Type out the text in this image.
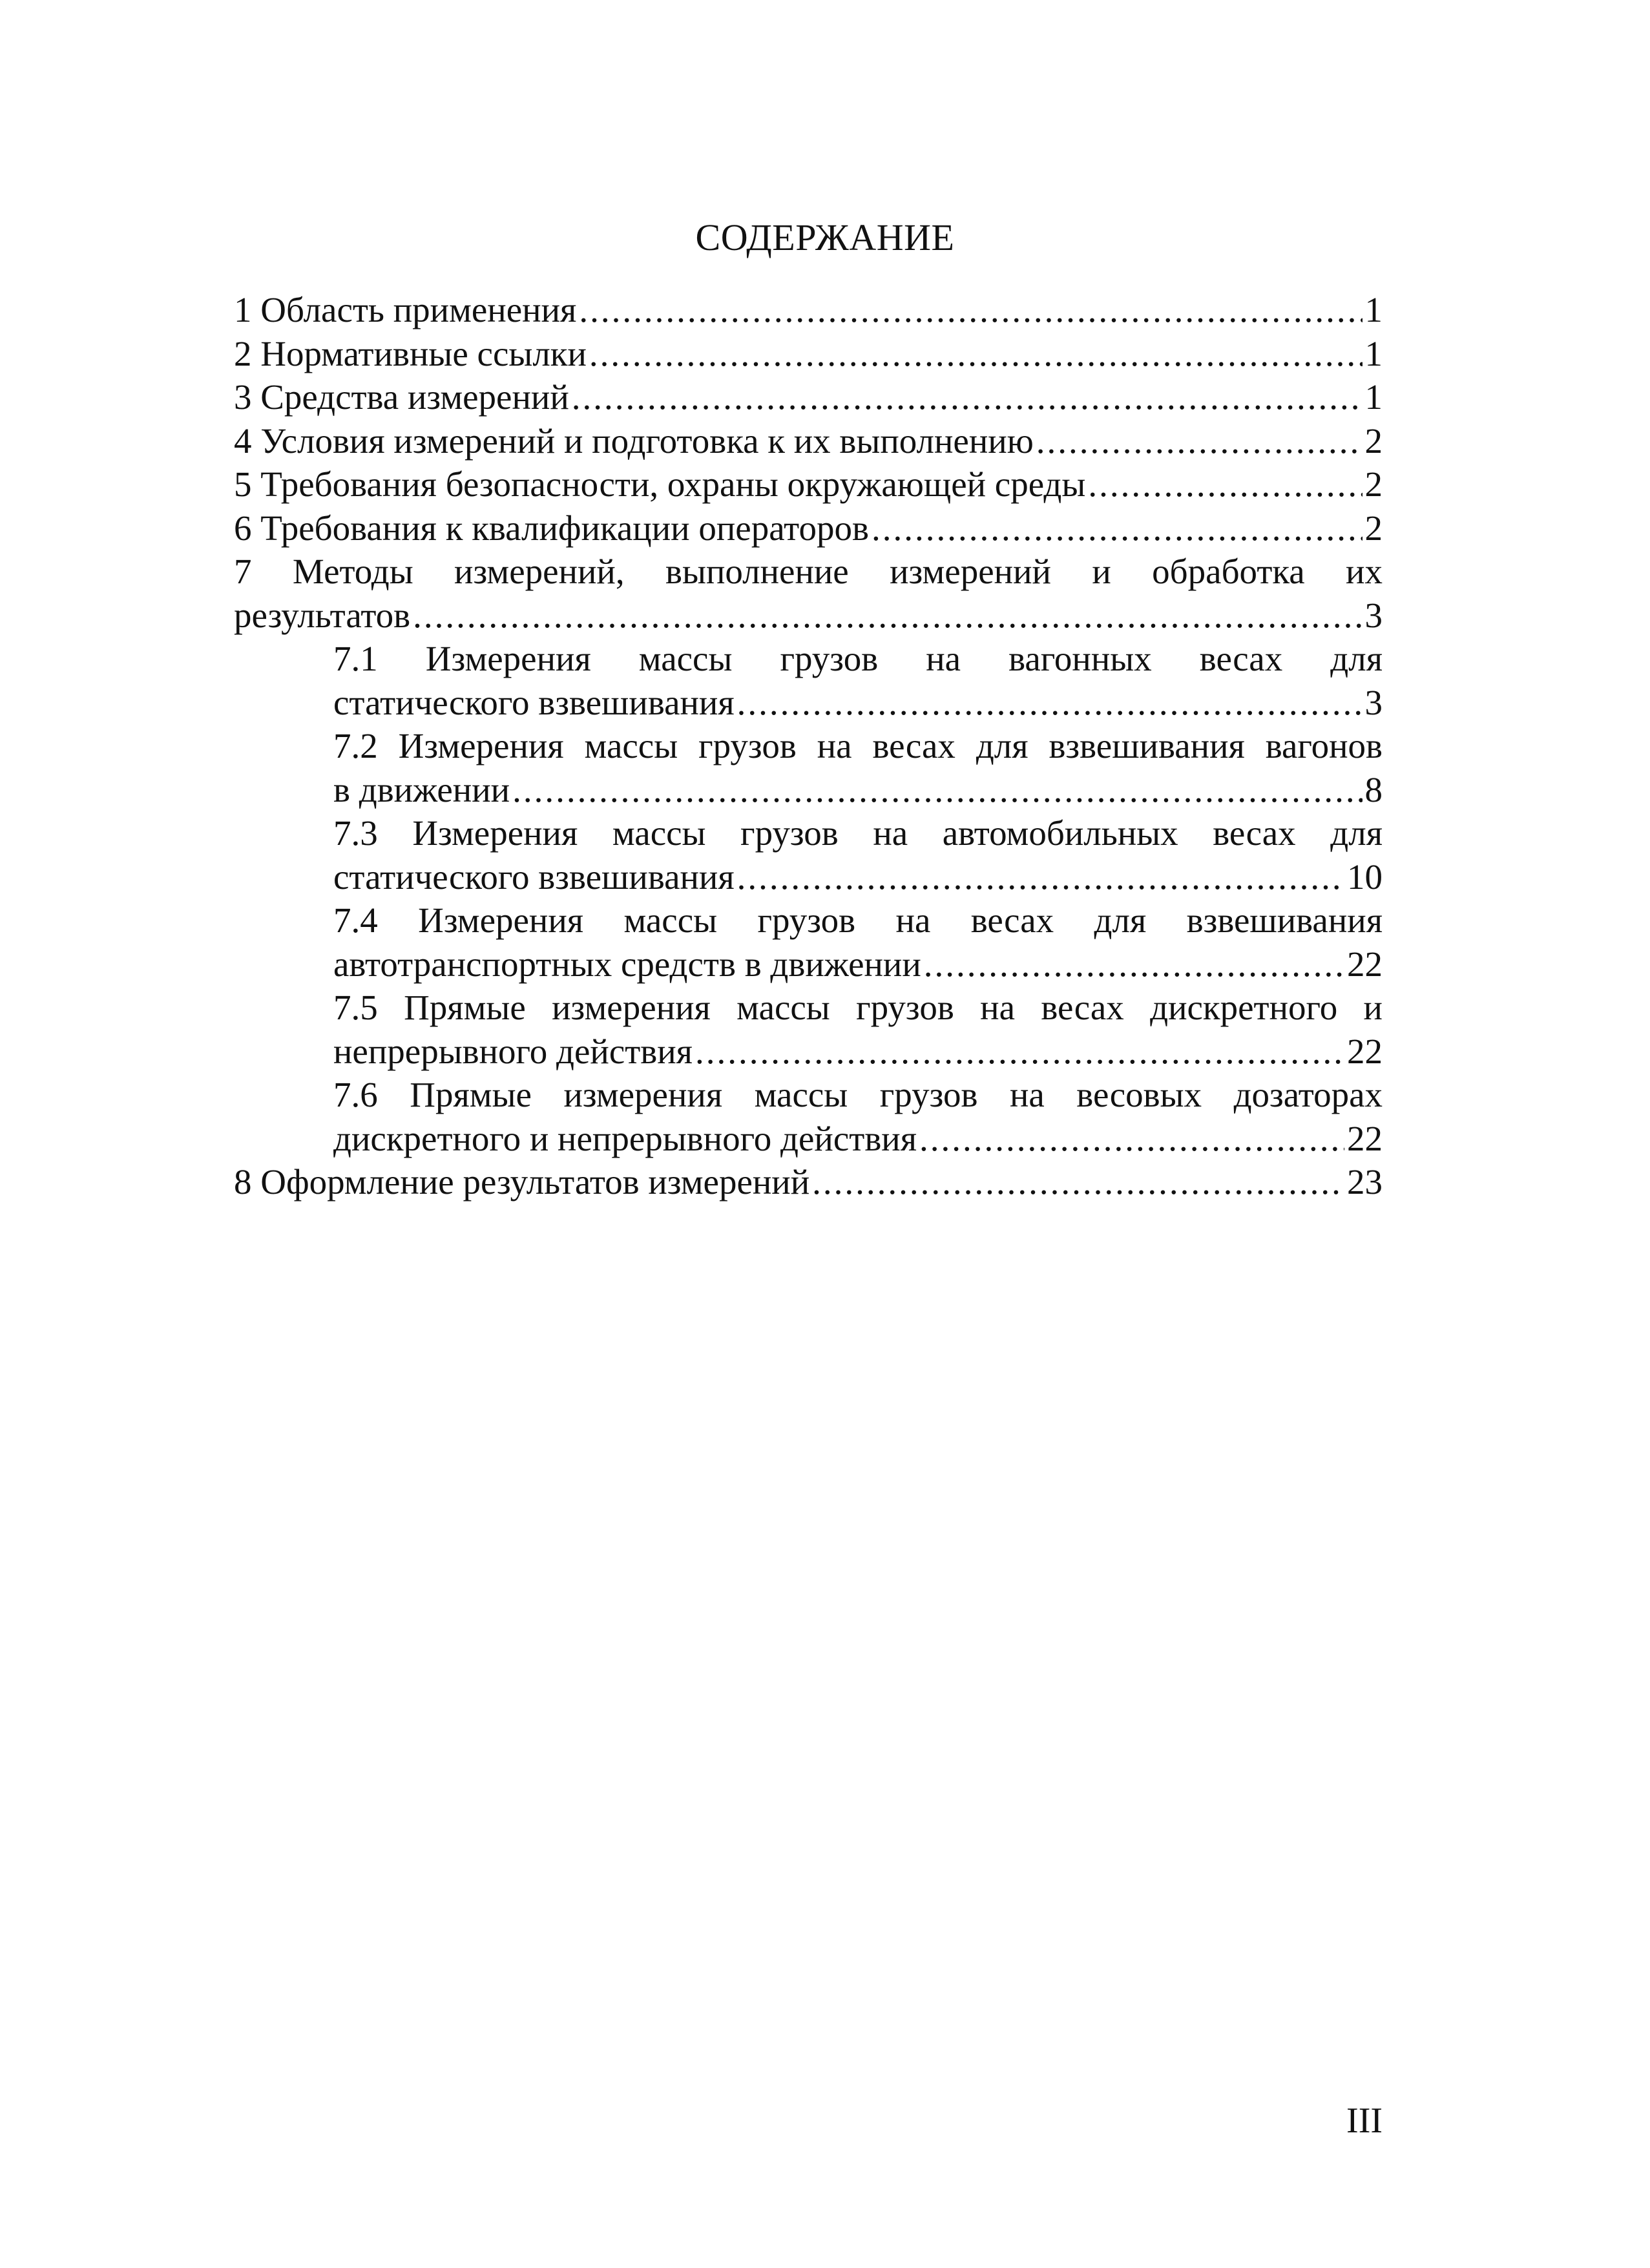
СОДЕРЖАНИЕ
1 Область применения .....	1
2 Нормативные ссылки .....	1
3 Средства измерений .....	1
4 Условия измерений и подготовка к их выполнению .....	2
5 Требования безопасности, охраны окружающей среды .....	2
6 Требования к квалификации операторов .....	2
7 Методы измерений, выполнение измерений и обработка их
результатов .....	3
7.1 Измерения массы грузов на вагонных весах для
статического взвешивания .....	3
7.2 Измерения массы грузов на весах для взвешивания вагонов
в движении .....	8
7.3 Измерения массы грузов на автомобильных весах для
статического взвешивания .....	10
7.4 Измерения массы грузов на весах для взвешивания
автотранспортных средств в движении .....	22
7.5 Прямые измерения массы грузов на весах дискретного и
непрерывного действия .....	22
7.6 Прямые измерения массы грузов на весовых дозаторах
дискретного и непрерывного действия .....	22
8 Оформление результатов измерений .....	23
III
